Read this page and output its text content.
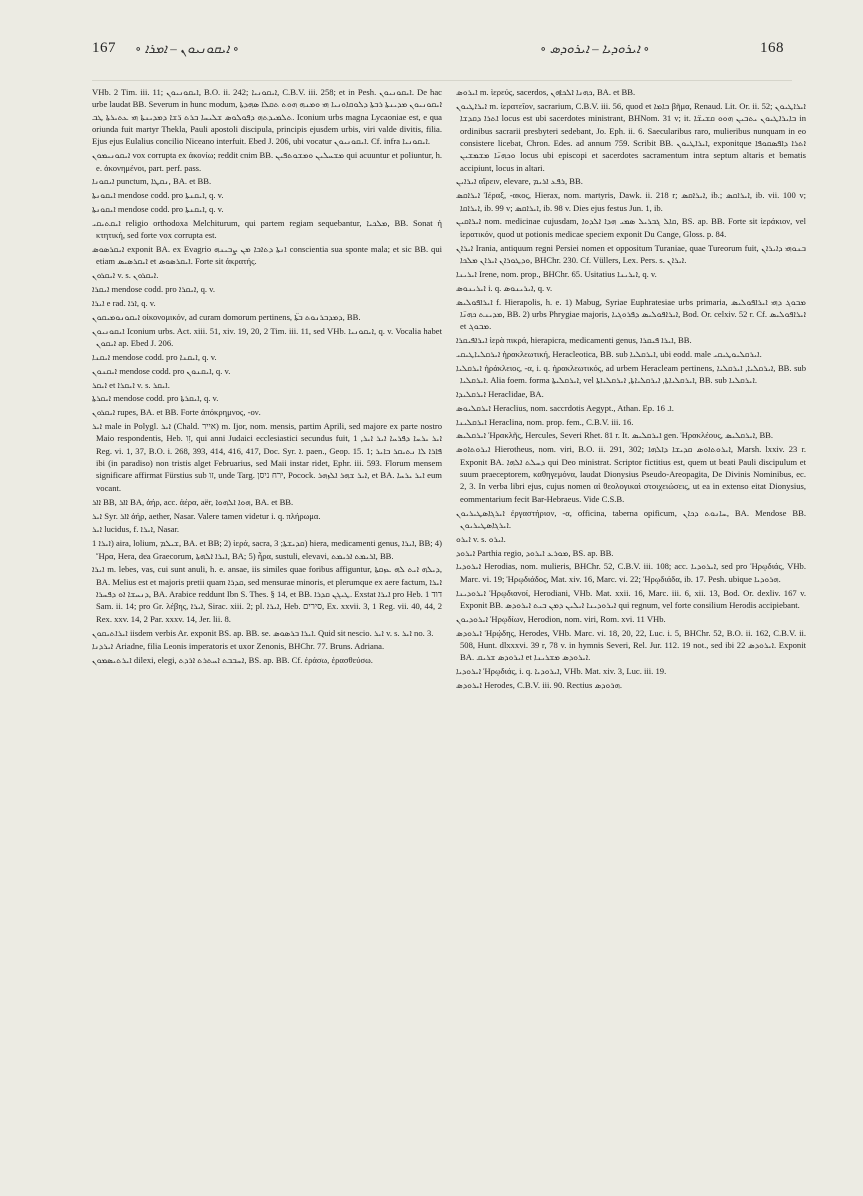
167 ∘ ܐܝܩܘܢܝܘܢ – ܐܡܪܐ ∘	∘ ܐܝܪܘܕܝܐ – ܐܝܪܘܕܣ ∘	168

VHb. 2 Tim. iii. 11; ܐܝܩܘܢܝܘܢ, B.O. ii. 242; ܐܝܩܘܢܝܐ, C.B.V. iii. 258; et in Pesh. ܐܝܩܘܢܝܘܢ. De hac urbe laudat BB. Severum in hunc modum, ܐܝܩܘܢܝܘܢ ܡܕܝܢܬܐ ܪܒܬܐ ܕܠܘܩܐܘܢܝܐ ܗܝ ܘܡܢܗ ܗܘܬ ܬܩܠܐ ܣܗܕܬܐ ܬܠܡܝܕܬܗ ܕܦܘܠܘܣ ܫܠܝܚܐ ܒܪܬ ܪ̈ܫܐ ܕܡܕܝܢܬܐ ܗܝ ܥܬܝܪܬܐ ܛܒ. Iconium urbs magna Lycaoniae est, e qua oriunda fuit martyr Thekla, Pauli apostoli discipula, principis ejusdem urbis, viri valde divitis, filia. Ejus ejus Eulalius concilio Niceano interfuit. Ebed J. 206, ubi vocatur ܐܝܩܘܢܝܘܢ. Cf. infra ܐܝܩܘܢܝܐ.

ܐܝܩܘܢܝܡܘܢ vox corrupta ex ἀκονίω; reddit cnim BB. ܡܫܚܠܝܢ ܘܡܫܘܬܦܝܢ qui acuuntur et poliuntur, h. e. ἀκονημένοι, part. perf. pass.

ܐܝܩܘܢܐ punctum, ܢܩܛܐ, BA. et BB.

ܐܝܩܘܢܬܐ mendose codd. pro ܐܝܩܢܬܐ, q. v.

ܐܝܩܘܢܬܐ mendose codd. pro ܐܝܩܢܬܐ, q. v.

ܐܝܩܬܝܩܝ religio orthodoxa Melchiturum, qui partem regiam sequebantur, ܡܠܟܝܐ, BB. Sonat ἡ κτητική, sed forte vox corrupta est.

ܐܝܩܪܣܘܣ exponit BA. ex Evagrio ܐܢܬܐ ܕܬܐܒܐ ܡܢ ܨܒܝܢܗ conscientia sua sponte mala; et sic BB. qui etiam ܐܝܩܪܣܝܣ et ܐܝܩܪܣܘܣ. Forte sit ἀκρατής.

ܐܝܩܪܘܢ v. s. ܐܝܩܪܘܢ.

ܐܝܩܪܐ mendose codd. pro ܐܝܩܪܐ, q. v.

ܐܝܪܐ e rad. ܐܪܐ, q. v.

ܐܝܩܘܢܘܡܝܩܘܢ οἰκονομικόν, ad curam domorum pertinens, ܕܡܕܒܪܢܘܬ ܒܬ̈ܐ, BB.

ܐܝܩܘܢܝܘܢ Iconium urbs. Act. xiii. 51, xiv. 19, 20, 2 Tim. iii. 11, sed VHb. ܐܝܩܘܢܝܐ, q. v. Vocalia habet ܐܝܩܘܢ ap. Ebed J. 206.

ܐܝܩܢܐ mendose codd. pro ܐܝܩܢܐ, q. v.

ܐܝܩܢܘܢ mendose codd. pro ܐܝܩܢܘܢ, q. v.

ܐܝܩܪ et ܐܝܩܪܐ v. s. ܐܝܩܪ.

ܐܝܩܪܬܐ mendose codd. pro ܐܝܩܪܬܐ, q. v.

ܐܝܩܪܘܢ rupes, BA. et BB. Forte ἀπόκρημνος, -ον.

ܐܝܪ male in Polygl. ܐܝܪ (Chald. אייר) m. Ijor, nom. mensis, partim Aprili, sed majore ex parte nostro Maio respondentis, Heb. זִו, qui anni Judaici ecclesiastici secundus fuit, ܐܝܪ ܝܪܚܐ ܕܦܪܚܐ ܐܝܪ ܐܝܪ, 1 Reg. vi. 1, 37, B.O. i. 268, 393, 414, 416, 417, Doc. Syr. ܐ. paen., Geop. 15. 1; ܦܐܪܐ ܠܐ ܢܬܝܩܪ ܒܐܝܪ ibi (in paradiso) non tristis alget Februarius, sed Maii instar ridet, Ephr. iii. 593. Florum mensem significare affirmat Fürstius sub זו, unde Targ. ירח ניסן, Pocock. ܐܝܪ ܫܗܪ ܐܠܙܗܪ, et BA. ܐܝܪ ܝܪܚܐ eum vocant.

ܐܐܪ BB, ܐܐܪ BA, ἀήρ, acc. ἀέρα, aër, ܗܘܐ ܐܠܗܘܐ, BA. et BB.

ܐܝܪ Syr. ܐܐܪ ἀήρ, aether, Nasar. Valere tamen videtur i. q. πλήρωμα.

ܐܝܪ lucidus, f. ܐܝܪܐ, Nasar.

ܐܝܪܐ 1) aira, lolium, ܫܝܠܡ, BA. et BB; 2) ἱερά, sacra, ܩܕܝܫܬܐ; 3) hiera, medicamenti genus, ܐܝܪܐ, BB; 4) Ἥρα, Hera, dea Graecorum, ܐܝܪܐ ܐܠܗܬܐ, BA; 5) ἦρα, sustuli, elevavi, ܐܪܝܡܬ ܐܪܝܡܬ, BB.

ܐܝܪܐ m. lebes, vas, cui sunt anuli, h. e. ansae, iis similes quae foribus affiguntur, ܕܝܠܗ ܐܝܬ ܠܗ ܥܙܩܬܐ, BA. Melius est et majoris pretii quam ܩܕܪܐ, sed mensurae minoris, et plerumque ex aere factum, ܐܝܪܐ ܕܢܚܫܐ ܐܘ ܕܦܚܪܐ, BA. Arabice reddunt Ibn S. Thes. § 14, et BB. ܛܝܓܢ ܩܕܪܐ. Exstat ܐܝܪܐ pro Heb. דוד 1 Sam. ii. 14; pro Gr. λέβης, ܐܝܪܐ, Sirac. xiii. 2; pl. ܐܝܪܐ, Heb. סירים, Ex. xxvii. 3, 1 Reg. vii. 40, 44, 2 Rex. xxv. 14, 2 Par. xxxv. 14, Jer. lii. 8.

ܐܝܪܐܬܝܩܘܢ iisdem verbis Ar. exponit BS. ap. BB. se. ܐܝܪܐ ܒܪܣܘܣ. Quid sit nescio. ܐܝܪ v. s. ܐܝܪ no. 3.

ܐܝܪܕܢܐ Ariadne, filia Leonis imperatoris et uxor Zenonis, BHChr. 77. Bruns. Adriana.

ܐܝܪܬܝܣܡܘܢ dilexi, elegi, ܐܚܒܒܬ ܐܚܬܪܬ ܐܪܕܬ, BS. ap. BB. Cf. ἐράσω, ἐρασθεύσω.

ܐܝܪܘܣ m. ἱερεύς, sacerdos, ܟܗܢܐ ܐܠܟܐܗܢ, BA. et BB.

ܐܝܪܐܛܝܘܢ m. ἱερατεῖον, sacrarium, C.B.V. iii. 56, quod et ܒܐܡܐ βῆμα, Renaud. Lit. Or. ii. 52; ܐܝܪܐܛܝܘܢ ܐܬܪܐ ܕܩܕܫܐ locus est ubi sacerdotes ministrant, BHNom. 31 v; it. ܒܐܝܪܐܛܝܘܢ ܝܬܒܝܢ ܗܘܘ ܩܫܝܫ̈ܐ in ordinibus sacrarii presbyteri sedebant, Jo. Eph. ii. 6. Saecularibus raro, mulieribus nunquam in eo consistere licebat, Chron. Edes. ad annum 759. Scribit BB. ܐܝܪܐܛܝܘܢ, exponitque ܐܬܪܐ ܕܐܦܣܩܘܦܐ ܘܟܗܢ̈ܐ ܡܫܡܫܝܢ locus ubi episcopi et sacerdotes sacramentum intra septum altaris et bematis accipiunt, locus in altari.

ܐܝܪܐܝܢ αἴρειν, elevare, ܪܦܥ ܐܪܝܡ, BB.

ܐܝܪܐܩܣ Ἱέραξ, -ακος, Hierax, nom. martyris, Dawk. ii. 218 r; ܐܝܪܐܩܣ, ib.; ܐܝܪܐܩܣ, ib. vii. 100 v; ܐܝܪܐܩܐ, ib. 99 v; ܐܝܪܐܩܣ, ib. 98 v. Dies ejus festus Jun. 1, ib.

ܐܝܪܐܩܝܢ nom. medicinae cujusdam, ܩܐܠ ܓܒܪܝܠ ܣܡܝ ܗܕܐ ܐܠܕܘܐ, BS. ap. BB. Forte sit ἱεράκιον, vel ἱερατικόν, quod ut potionis medicae speciem exponit Du Cange, Gloss. p. 84.

ܐܝܪܐܢ Irania, antiquum regni Persiei nomen et oppositum Turaniae, quae Tureorum fuit, ܒܢܘܗܝ ܕܐܝܪܐܢ ܘܕܛܘܪܐܢ ܐܝܪܐܢ ܡܠܟܐ, BHChr. 230. Cf. Vüllers, Lex. Pers. s. ܐܝܪܐܢ.

ܐܝܪܝܢܐ Irene, nom. prop., BHChr. 65. Usitatius ܐܝܪܝܢܐ, q. v.

ܐܝܪܝܢܘܣ i. q. ܐܝܪܝܢܘܣ, q. v.

ܐܝܪܐܦܘܠܝܣ f. Hierapolis, h. e. 1) Mabug, Syriae Euphratesiae urbs primaria, ܡܒܘܓ ܕܗܝ ܐܝܪܐܦܘܠܝܣ ܡܕܝܢܬ ܟܗܢ̈ܐ, BB. 2) urbs Phrygiae majoris, ܐܝܪܐܦܘܠܝܣ ܕܦܪܘܓܝܐ, Bod. Or. celxiv. 52 r. Cf. ܐܝܪܐܦܘܠܝܣ et ܡܒܘܓ.

ܐܝܪܐܦܝܩܪܐ ἱερὰ πικρά, hierapicra, medicamenti genus, ܐܝܪܐ ܦܝܩܪܐ, BB.

ܐܝܪܩܠܝܐܛܝܩܝ ἡρακλεωτική, Heracleotica, BB. sub ܐܝܪܩܠܝܐ, ubi eodd. male ܐܝܪܩܠܝܘܛܝܩܝ.

ܐܝܪܩܠܝܐ ἡράκλειος, -α, i. q. ἡρακλεωτικός, ad urbem Heracleam pertinens, ܐܝܪܩܠܝܐ, ܐܝܪܩܠܝܐ, BB. sub ܐܝܪܩܠܝܐ. Alia foem. forma ܐܝܪܩܠܝܬܐ, vel ܐܝܪܩܠܝܐܬܐ, ܐܝܪܩܠܝܐܬܐ, ܐܝܪܩܠܝܐܬܐ, BB. sub ܐܝܪܩܠܝܐ.

ܐܝܪܩܠܝܕܐ Heraclidae, BA.

ܐܝܪܩܠܝܘܣ Heraclius, nom. saccrdotis Aegypt., Athan. Ep. ܐ. 16.

ܐܝܪܩܠܝܢܐ Heraclina, nom. prop. fem., C.B.V. iii. 16.

ܐܝܪܩܠܝܣ Ἡρακλῆς, Hercules, Severi Rhet. 81 r. It. ܐܝܪܩܠܝܣ gen. Ἡρακλέους, ܐܝܪܩܠܝܣ, BB.

ܐܝܪܘܬܐܘܣ Hierotheus, nom. viri, B.O. ii. 291, 302; ܐܝܪܘܬܐܘܣ ܩܕܝܫܐ ܕܐܠܗܐ, Marsh. lxxiv. 23 r. Exponit BA. ܕܚܠܬ ܐܠܗܐ qui Deo ministrat. Scriptor fictitius est, quem ut beati Pauli discipulum et suum praeceptorem, καθηγεμόνα, laudat Dionysius Pseudo-Areopagita, De Divinis Nominibus, ec. 2, 3. In verba libri ejus, cujus nomen αἱ θεολογικαὶ στοιχειώσεις, ut ea in extenso eitat Dionysius, eommentarium fecit Bar-Hebraeus. Vide C.S.B.

ܐܝܪܓܐܣܛܝܪܝܘܢ ἐργαστήριον, -α, officina, taberna opificum, ܚܐܢܘܬ ܕܟܐܢ, BA. Mendose BB. ܐܝܪܓܐܣܛܝܪܝܘܢ.

ܐܝܪܘ v. s. ܐܝܪܘ.

ܐܝܪܘܕ Parthia regio, ܡܘܪܥ ܐܝܪܘܕ, BS. ap. BB.

ܐܝܪܘܕܝܐ Herodias, nom. mulieris, BHChr. 52, C.B.V. iii. 108; acc. ܐܝܪܘܕܝܐ, sed pro Ἡρῳδιάς, VHb. Marc. vi. 19; Ἡρῳδιάδος, Mat. xiv. 16, Marc. vi. 22; Ἡρῳδιάδα, ib. 17. Pesh. ubique ܗܪܘܕܝܐ.

ܐܝܪܘܕܝܢܐ Ἡρῳδιανοί, Herodiani, VHb. Mat. xxii. 16, Marc. iii. 6, xii. 13, Bod. Or. dexliv. 167 v. Exponit BB. ܐܝܪܘܕܝܢܐ ܐܝܠܝܢ ܕܡܢ ܒܝܬ ܐܝܪܘܕܣ qui regnum, vel forte consilium Herodis accipiebant.

ܐܝܪܘܕܝܘܢ Ἡρῳδίων, Herodion, nom. viri, Rom. xvi. 11 VHb.

ܐܝܪܘܕܣ Ἡρῴδης, Herodes, VHb. Marc. vi. 18, 20, 22, Luc. i. 5, BHChr. 52, B.O. ii. 162, C.B.V. ii. 508, Hunt. dlxxxvi. 39 r, 78 v. in hymnis Severi, Rel. Jur. 112. 19 not., sed ibi 22 ܐܝܪܘܕܣ. Exponit BA. ܐܝܪܘܕܣ ܫܪܝܩ et ܐܝܪܘܕܣ ܡܫܪܝܢܐ.

ܐܝܪܘܕܝܐ Ἡρῳδιάς, i. q. ܐܝܪܘܕܝܐ, VHb. Mat. xiv. 3, Luc. iii. 19.

ܐܝܪܘܕܣ Herodes, C.B.V. iii. 90. Rectius ܗܪܘܕܣ.
